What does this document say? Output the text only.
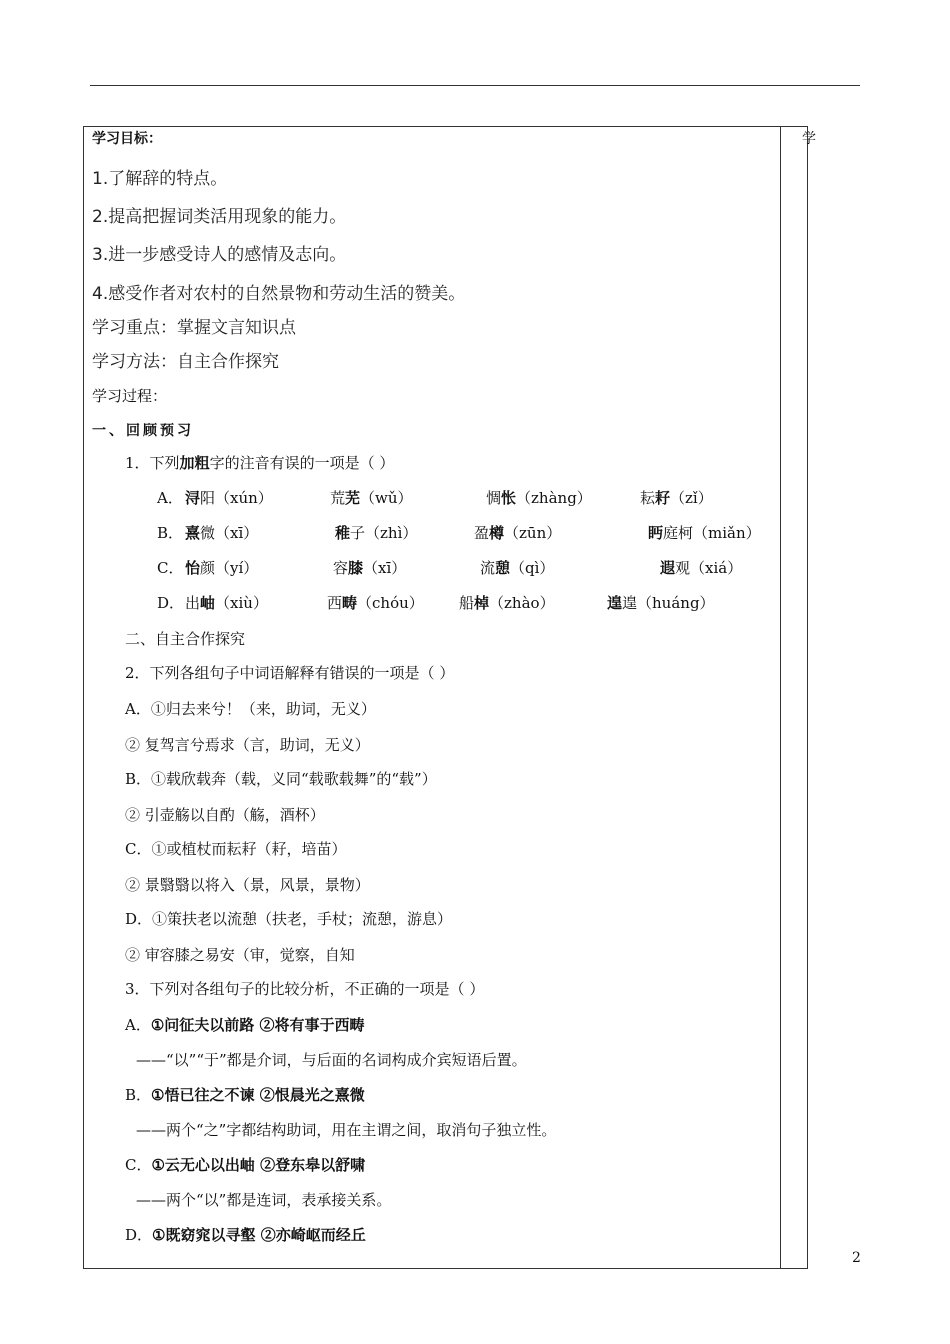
学
2
学习目标：
1.了解辞的特点。
2.提高把握词类活用现象的能力。
3.进一步感受诗人的感情及志向。
4.感受作者对农村的自然景物和劳动生活的赞美。
学习重点：掌握文言知识点
学习方法：自主合作探究
学习过程：
一、回顾预习
1．下列加粗字的注音有误的一项是（ ）
A． 浔阳（xún）	荒芜（wǔ）	惆怅（zhàng）	耘耔（zǐ）
B． 熹微（xī）	稚子（zhì）	盈樽（zūn）	眄庭柯（miǎn）
C． 怡颜（yí）	容膝（xī）	流憩（qì）	遐观（xiá）
D． 出岫（xiù）	西畴（chóu） 船棹（zhào）	遑遑（huáng）
二、自主合作探究
2．下列各组句子中词语解释有错误的一项是（ ）
A．①归去来兮！（来，助词，无义）
② 复驾言兮焉求（言，助词，无义）
B．①载欣载奔（载，义同“载歌载舞”的“载”）
② 引壶觞以自酌（觞，酒杯）
C．①或植杖而耘耔（耔，培苗）
② 景翳翳以将入（景，风景，景物）
D．①策扶老以流憩（扶老，手杖；流憩，游息）
② 审容膝之易安（审，觉察，自知
3．下列对各组句子的比较分析，不正确的一项是（ ）
A．①问征夫以前路 ②将有事于西畴
——“以”“于”都是介词，与后面的名词构成介宾短语后置。
B．①悟已往之不谏 ②恨晨光之熹微
——两个“之”字都结构助词，用在主谓之间，取消句子独立性。
C．①云无心以出岫 ②登东皋以舒啸
——两个“以”都是连词，表承接关系。
D．①既窈窕以寻壑 ②亦崎岖而经丘
